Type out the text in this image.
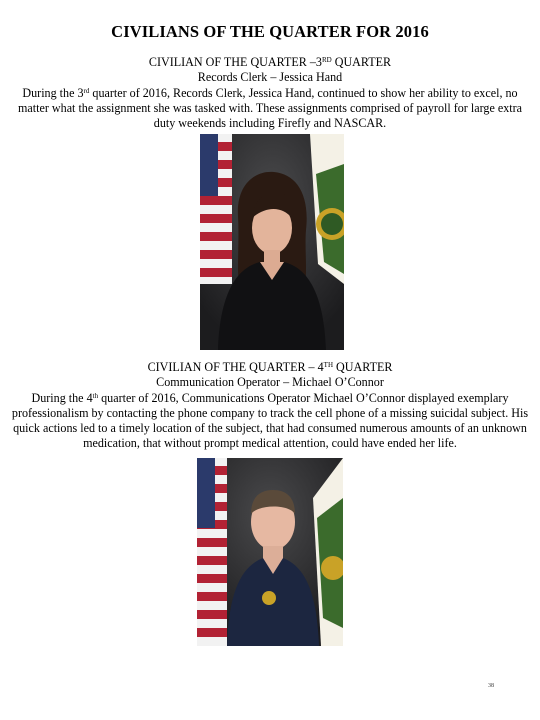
CIVILIANS OF THE QUARTER FOR 2016
CIVILIAN OF THE QUARTER –3RD QUARTER
Records Clerk – Jessica Hand
During the 3rd quarter of 2016, Records Clerk, Jessica Hand, continued to show her ability to excel, no matter what the assignment she was tasked with. These assignments comprised of payroll for large extra duty weekends including Firefly and NASCAR.
CIVILIAN OF THE QUARTER – 4TH QUARTER
Communication Operator – Michael O’Connor
During the 4th quarter of 2016, Communications Operator Michael O’Connor displayed exemplary professionalism by contacting the phone company to track the cell phone of a missing suicidal subject. His quick actions led to a timely location of the subject, that had consumed numerous amounts of an unknown medication, that without prompt medical attention, could have ended her life.
38
